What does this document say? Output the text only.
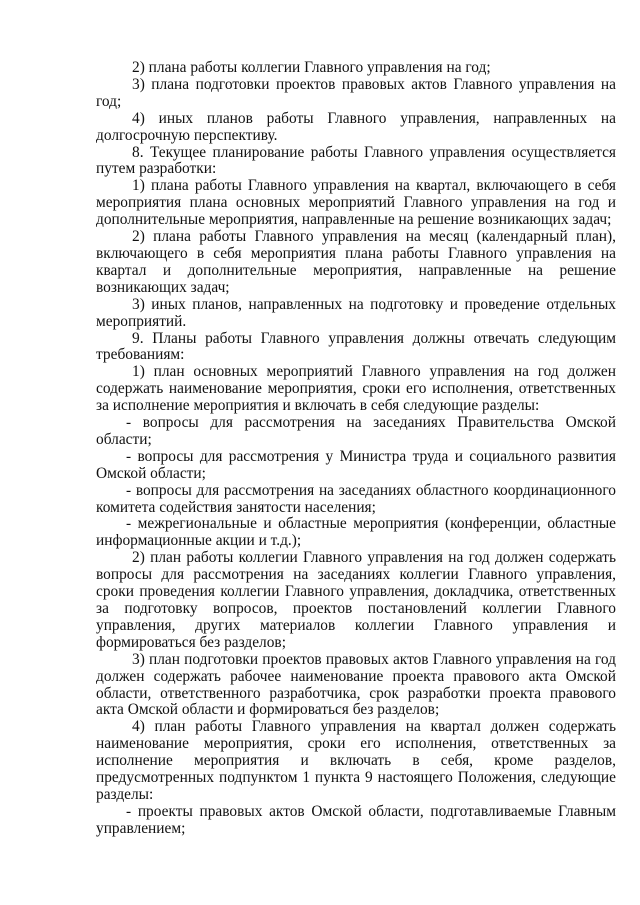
2) плана работы коллегии Главного управления на год;

3) плана подготовки проектов правовых актов Главного управления на год;

4) иных планов работы Главного управления, направленных на долгосрочную перспективу.

8. Текущее планирование работы Главного управления осуществляется путем разработки:

1) плана работы Главного управления на квартал, включающего в себя мероприятия плана основных мероприятий Главного управления на год и дополнительные мероприятия, направленные на решение возникающих задач;

2) плана работы Главного управления на месяц (календарный план), включающего в себя мероприятия плана работы Главного управления на квартал и дополнительные мероприятия, направленные на решение возникающих задач;

3) иных планов, направленных на подготовку и проведение отдельных мероприятий.

9. Планы работы Главного управления должны отвечать следующим требованиям:

1) план основных мероприятий Главного управления на год должен содержать наименование мероприятия, сроки его исполнения, ответственных за исполнение мероприятия и включать в себя следующие разделы:

- вопросы для рассмотрения на заседаниях Правительства Омской области;

- вопросы для рассмотрения у Министра труда и социального развития Омской области;

- вопросы для рассмотрения на заседаниях областного координационного комитета содействия занятости населения;

- межрегиональные и областные мероприятия (конференции, областные информационные акции и т.д.);

2) план работы коллегии Главного управления на год должен содержать вопросы для рассмотрения на заседаниях коллегии Главного управления, сроки проведения коллегии Главного управления, докладчика, ответственных за подготовку вопросов, проектов постановлений коллегии Главного управления, других материалов коллегии Главного управления и формироваться без разделов;

3) план подготовки проектов правовых актов Главного управления на год должен содержать рабочее наименование проекта правового акта Омской области, ответственного разработчика, срок разработки проекта правового акта Омской области и формироваться без разделов;

4) план работы Главного управления на квартал должен содержать наименование мероприятия, сроки его исполнения, ответственных за исполнение мероприятия и включать в себя, кроме разделов, предусмотренных подпунктом 1 пункта 9 настоящего Положения, следующие разделы:

- проекты правовых актов Омской области, подготавливаемые Главным управлением;
